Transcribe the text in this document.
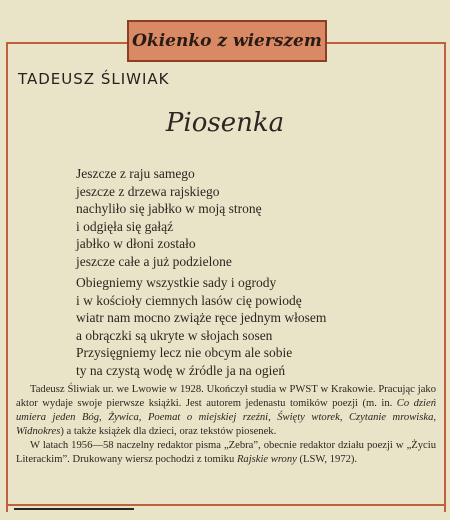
Okienko z wierszem
TADEUSZ ŚLIWIAK
Piosenka
Jeszcze z raju samego
jeszcze z drzewa rajskiego
nachyliło się jabłko w moją stronę
i odgięła się gałąź
jabłko w dłoni zostało
jeszcze całe a już podzielone
Obiegniemy wszystkie sady i ogrody
i w kościoły ciemnych lasów cię powiodę
wiatr nam mocno zwiąże ręce jednym włosem
a obrączki są ukryte w słojach sosen
Przysięgniemy lecz nie obcym ale sobie
ty na czystą wodę w źródle ja na ogień

Tadeusz Śliwiak ur. we Lwowie w 1928. Ukończył studia w PWST w Krakowie. Pracując jako aktor wydaje swoje pierwsze książki. Jest autorem jedenastu tomików poezji (m. in. Co dzień umiera jeden Bóg, Żywica, Poemat o miejskiej rzeźni, Święty wtorek, Czytanie mrowiska, Widnokres) a także książek dla dzieci, oraz tekstów piosenek.

W latach 1956—58 naczelny redaktor pisma „Zebra”, obecnie redaktor działu poezji w „Życiu Literackim”. Drukowany wiersz pochodzi z tomiku Rajskie wrony (LSW, 1972).
